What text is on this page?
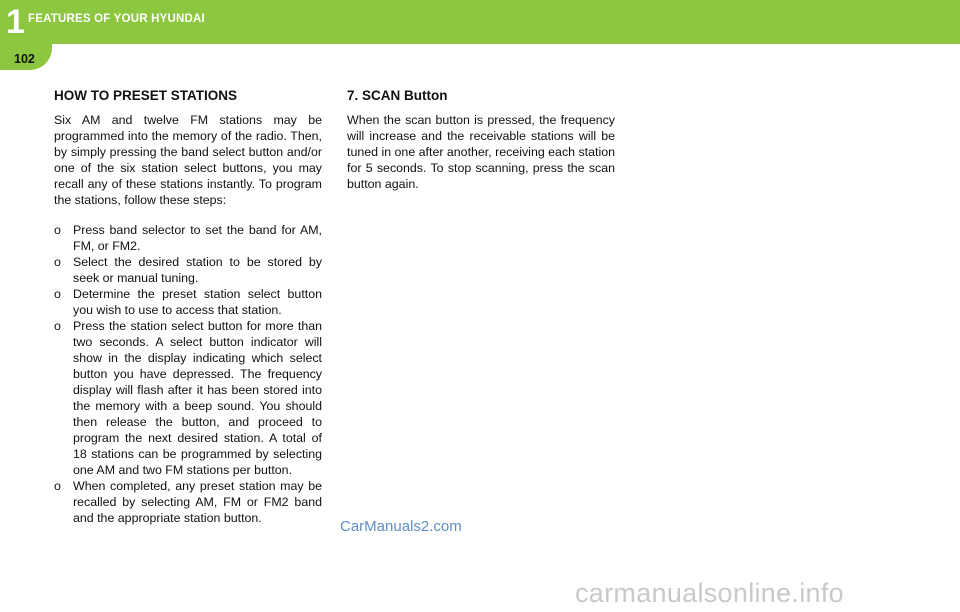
1 FEATURES OF YOUR HYUNDAI
102
HOW TO PRESET STATIONS

Six AM and twelve FM stations may be programmed into the memory of the radio. Then, by simply pressing the band select button and/or one of the six station select buttons, you may recall any of these stations instantly. To program the stations, follow these steps:

o Press band selector to set the band for AM, FM, or FM2.
o Select the desired station to be stored by seek or manual tuning.
o Determine the preset station select button you wish to use to access that station.
o Press the station select button for more than two seconds. A select button indicator will show in the display indicating which select button you have depressed. The frequency display will flash after it has been stored into the memory with a beep sound. You should then release the button, and proceed to program the next desired station. A total of 18 stations can be programmed by selecting one AM and two FM stations per button.
o When completed, any preset station may be recalled by selecting AM, FM or FM2 band and the appropriate station button.
7. SCAN Button

When the scan button is pressed, the frequency will increase and the receivable stations will be tuned in one after another, receiving each station for 5 seconds. To stop scanning, press the scan button again.

CarManuals2.com
carmanualsonline.info
